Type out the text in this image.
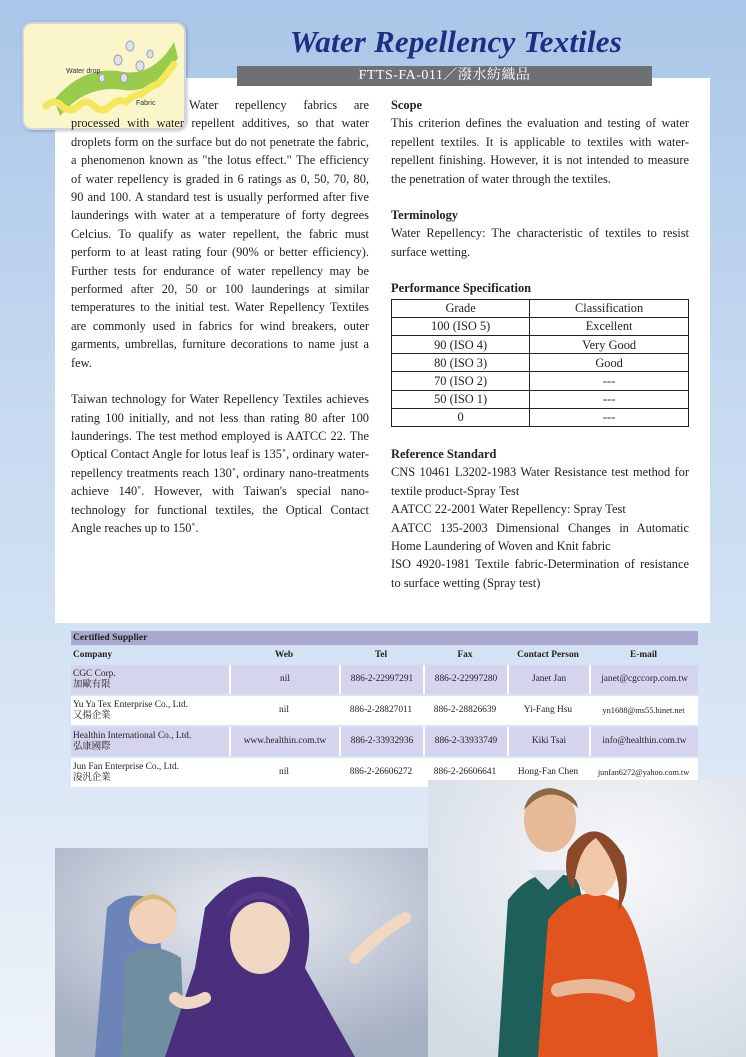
Water Repellency Textiles
FTTS-FA-011／潑水紡織品
Water drop
Fabric	Water repellency fabrics are processed with water repellent additives, so that water droplets form on the surface but do not penetrate the fabric, a phenomenon known as "the lotus effect." The efficiency of water repellency is graded in 6 ratings as 0, 50, 70, 80, 90 and 100. A standard test is usually performed after five launderings with water at a temperature of forty degrees Celcius. To qualify as water repellent, the fabric must perform to at least rating four (90% or better efficiency). Further tests for endurance of water repellency may be performed after 20, 50 or 100 launderings at similar temperatures to the initial test. Water Repellency Textiles are commonly used in fabrics for wind breakers, outer garments, umbrellas, furniture decorations to name just a few.

Taiwan technology for Water Repellency Textiles achieves rating 100 initially, and not less than rating 80 after 100 launderings. The test method employed is AATCC 22. The Optical Contact Angle for lotus leaf is 135˚, ordinary water-repellency treatments reach 130˚, ordinary nano-treatments achieve 140˚. However, with Taiwan's special nano-technology for functional textiles, the Optical Contact Angle reaches up to 150˚.

Scope

This criterion defines the evaluation and testing of water repellent textiles. It is applicable to textiles with water-repellent finishing. However, it is not intended to measure the penetration of water through the textiles.

Terminology

Water Repellency: The characteristic of textiles to resist surface wetting.

Performance Specification

Grade	Classification
100 (ISO 5)	Excellent
90 (ISO 4)	Very Good
80 (ISO 3)	Good
70 (ISO 2)	---
50 (ISO 1)	---
0	---

Reference Standard

CNS 10461 L3202-1983 Water Resistance test method for textile product-Spray Test

AATCC 22-2001 Water Repellency: Spray Test

AATCC 135-2003 Dimensional Changes in Automatic Home Laundering of Woven and Knit fabric

ISO 4920-1981 Textile fabric-Determination of resistance to surface wetting (Spray test)

Certified Supplier
Company	Web	Tel	Fax	Contact Person	E-mail

CGC Corp.
加歐有限	nil	886-2-22997291	886-2-22997280	Janet Jan	janet@cgccorp.com.tw

Yu Ya Tex Enterprise Co., Ltd.
又揚企業	nil	886-2-28827011	886-2-28826639	Yi-Fang Hsu	yn1688@ms55.hinet.net

Healthin International Co., Ltd.
弘康國際	www.healthin.com.tw	886-2-33932936	886-2-33933749	Kiki Tsai	info@healthin.com.tw

Jun Fan Enterprise Co., Ltd.
浚汎企業	nil	886-2-26606272	886-2-26606641	Hong-Fan Chen	junfan6272@yahoo.com.tw
